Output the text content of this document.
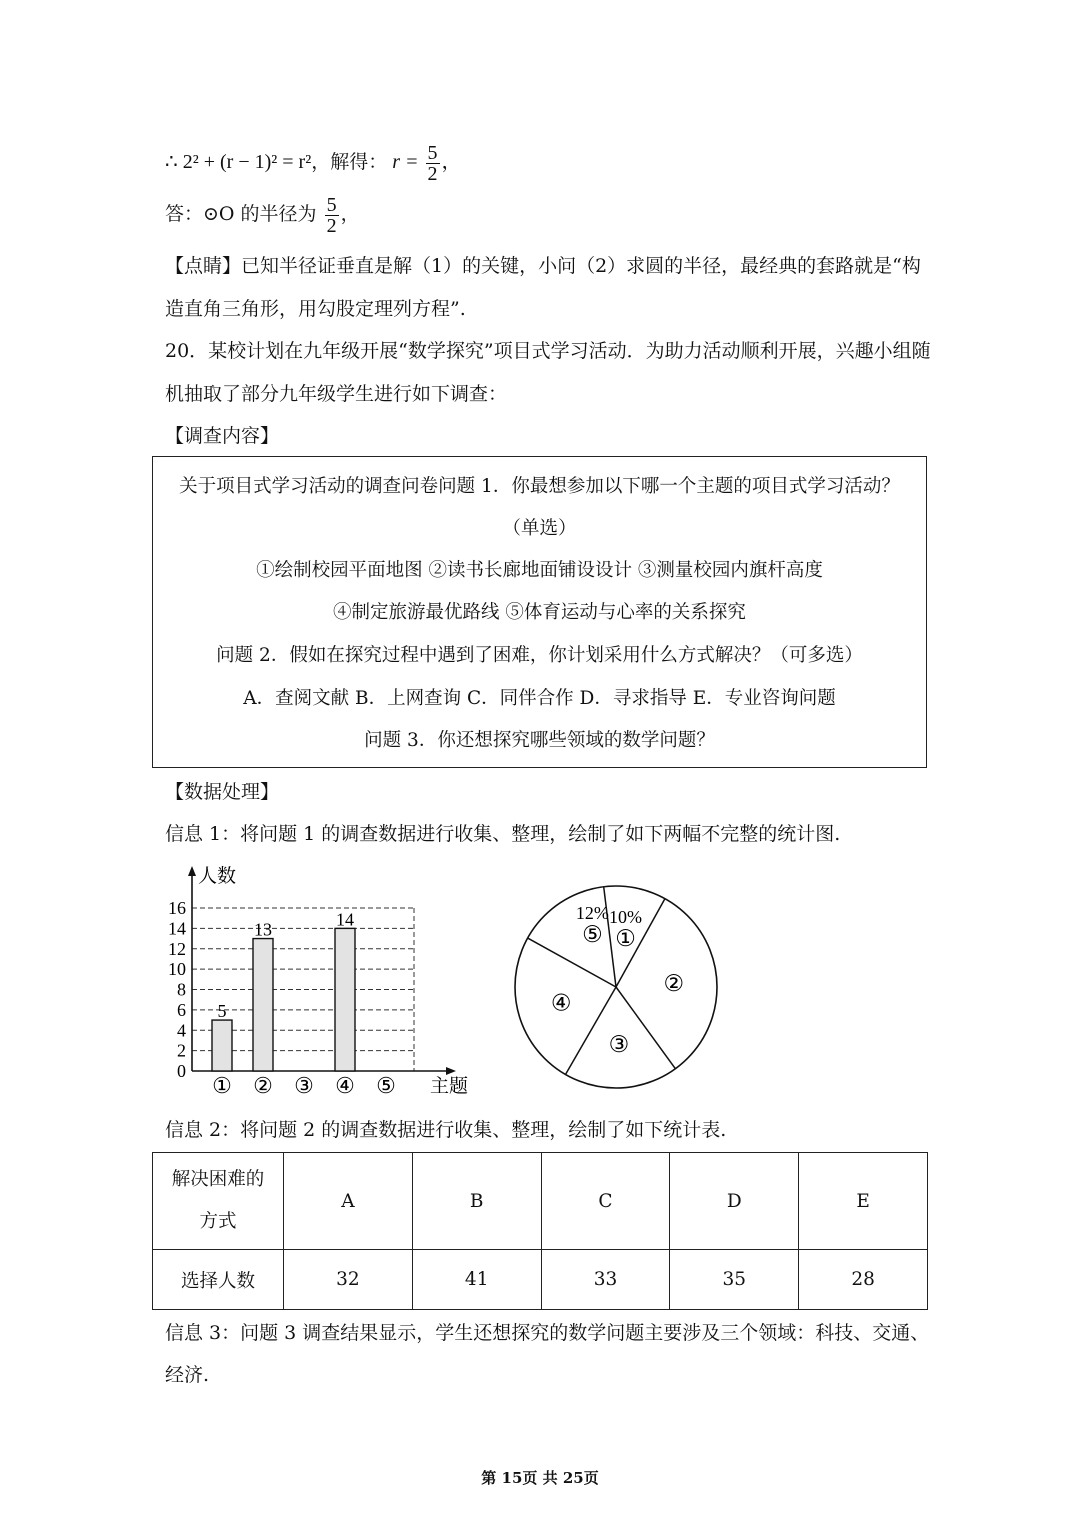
∴ 2² + (r − 1)² = r²，解得： $r = \frac{5}{2}$ ，
答：⊙O 的半径为 $\frac{5}{2}$ ，
【点睛】已知半径证垂直是解（1）的关键，小问（2）求圆的半径，最经典的套路就是“构
造直角三角形，用勾股定理列方程”.
20．某校计划在九年级开展“数学探究”项目式学习活动．为助力活动顺利开展，兴趣小组随
机抽取了部分九年级学生进行如下调查：
【调查内容】
关于项目式学习活动的调查问卷问题 1．你最想参加以下哪一个主题的项目式学习活动？
（单选）
①绘制校园平面地图 ②读书长廊地面铺设设计 ③测量校园内旗杆高度
④制定旅游最优路线 ⑤体育运动与心率的关系探究
问题 2．假如在探究过程中遇到了困难，你计划采用什么方式解决？（可多选）
A．查阅文献 B．上网查询 C．同伴合作 D．寻求指导 E．专业咨询问题
问题 3．你还想探究哪些领域的数学问题？
【数据处理】
信息 1：将问题 1 的调查数据进行收集、整理，绘制了如下两幅不完整的统计图.
人数
主题
0
2
4
6
8
10
12
14
16
5
13
14
① ② ③ ④ ⑤
①
10%
②
③
④
⑤
12%
信息 2：将问题 2 的调查数据进行收集、整理，绘制了如下统计表.
解决困难的
方式	A	B	C	D	E
选择人数	32	41	33	35	28
信息 3：问题 3 调查结果显示，学生还想探究的数学问题主要涉及三个领域：科技、交通、
经济.
第 15页 共 25页
